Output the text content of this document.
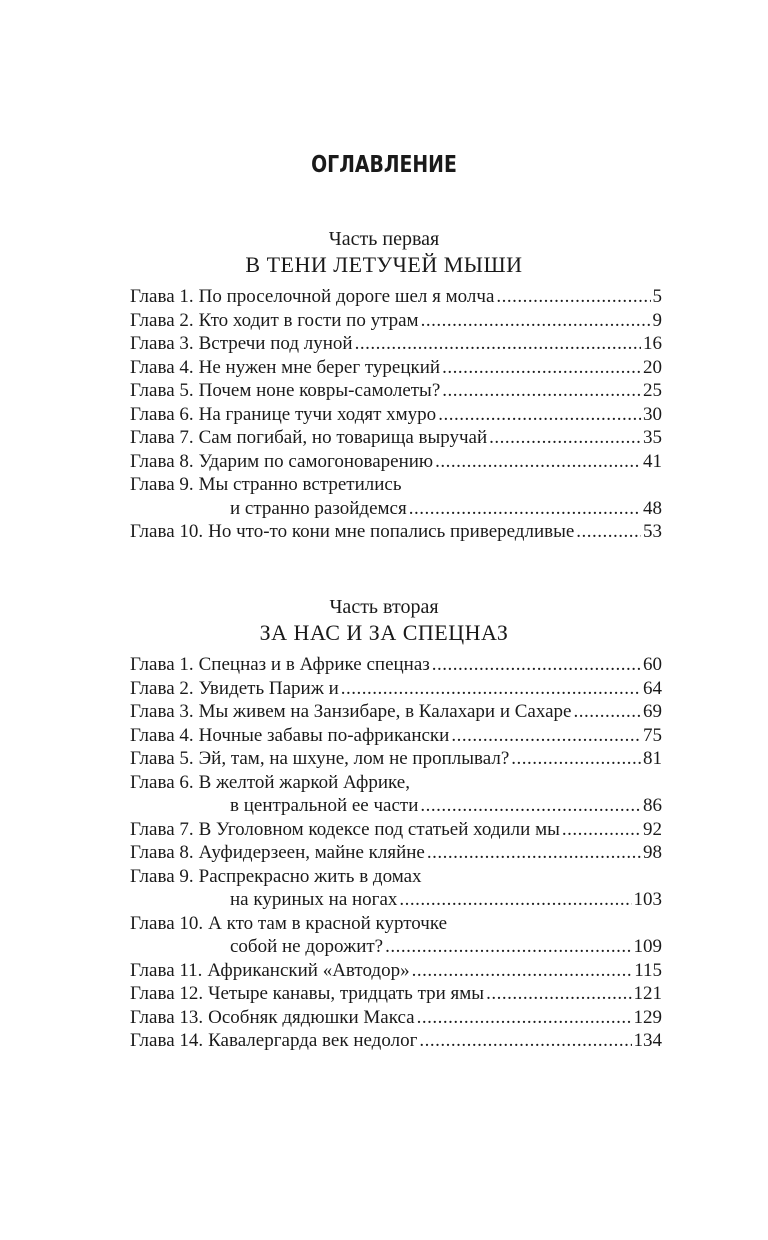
ОГЛАВЛЕНИЕ
Часть первая
В ТЕНИ ЛЕТУЧЕЙ МЫШИ
Глава 1. По проселочной дороге шел я молча .....	5
Глава 2. Кто ходит в гости по утрам .....	9
Глава 3. Встречи под луной .....	16
Глава 4. Не нужен мне берег турецкий .....	20
Глава 5. Почем ноне ковры-самолеты? .....	25
Глава 6. На границе тучи ходят хмуро .....	30
Глава 7. Сам погибай, но товарища выручай .....	35
Глава 8. Ударим по самогоноварению .....	41
Глава 9. Мы странно встретились
и странно разойдемся .....	48
Глава 10. Но что-то кони мне попались привередливые .....	53
Часть вторая
ЗА НАС И ЗА СПЕЦНАЗ
Глава 1. Спецназ и в Африке спецназ .....	60
Глава 2. Увидеть Париж и .....	64
Глава 3. Мы живем на Занзибаре, в Калахари и Сахаре .....	69
Глава 4. Ночные забавы по-африкански .....	75
Глава 5. Эй, там, на шхуне, лом не проплывал? .....	81
Глава 6. В желтой жаркой Африке,
в центральной ее части .....	86
Глава 7. В Уголовном кодексе под статьей ходили мы .....	92
Глава 8. Ауфидерзеен, майне кляйне .....	98
Глава 9. Распрекрасно жить в домах
на куриных на ногах .....	103
Глава 10. А кто там в красной курточке
собой не дорожит? .....	109
Глава 11. Африканский «Автодор» .....	115
Глава 12. Четыре канавы, тридцать три ямы .....	121
Глава 13. Особняк дядюшки Макса .....	129
Глава 14. Кавалергарда век недолог .....	134
